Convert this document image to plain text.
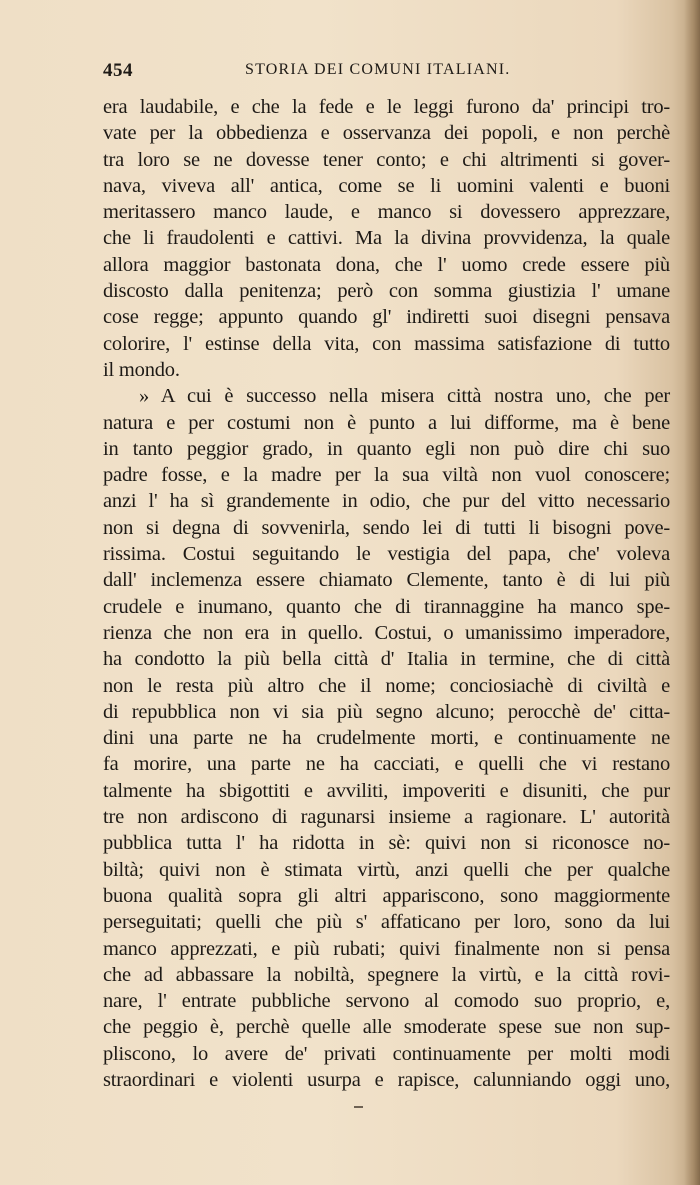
454	STORIA DEI COMUNI ITALIANI.
era laudabile, e che la fede e le leggi furono da' principi tro-
vate per la obbedienza e osservanza dei popoli, e non perchè
tra loro se ne dovesse tener conto; e chi altrimenti si gover-
nava, viveva all' antica, come se li uomini valenti e buoni
meritassero manco laude, e manco si dovessero apprezzare,
che li fraudolenti e cattivi. Ma la divina provvidenza, la quale
allora maggior bastonata dona, che l' uomo crede essere più
discosto dalla penitenza; però con somma giustizia l' umane
cose regge; appunto quando gl' indiretti suoi disegni pensava
colorire, l' estinse della vita, con massima satisfazione di tutto
il mondo.
» A cui è successo nella misera città nostra uno, che per
natura e per costumi non è punto a lui difforme, ma è bene
in tanto peggior grado, in quanto egli non può dire chi suo
padre fosse, e la madre per la sua viltà non vuol conoscere;
anzi l' ha sì grandemente in odio, che pur del vitto necessario
non si degna di sovvenirla, sendo lei di tutti li bisogni pove-
rissima. Costui seguitando le vestigia del papa, che' voleva
dall' inclemenza essere chiamato Clemente, tanto è di lui più
crudele e inumano, quanto che di tirannaggine ha manco spe-
rienza che non era in quello. Costui, o umanissimo imperadore,
ha condotto la più bella città d' Italia in termine, che di città
non le resta più altro che il nome; conciosiachè di civiltà e
di repubblica non vi sia più segno alcuno; perocchè de' citta-
dini una parte ne ha crudelmente morti, e continuamente ne
fa morire, una parte ne ha cacciati, e quelli che vi restano
talmente ha sbigottiti e avviliti, impoveriti e disuniti, che pur
tre non ardiscono di ragunarsi insieme a ragionare. L' autorità
pubblica tutta l' ha ridotta in sè: quivi non si riconosce no-
biltà; quivi non è stimata virtù, anzi quelli che per qualche
buona qualità sopra gli altri appariscono, sono maggiormente
perseguitati; quelli che più s' affaticano per loro, sono da lui
manco apprezzati, e più rubati; quivi finalmente non si pensa
che ad abbassare la nobiltà, spegnere la virtù, e la città rovi-
nare, l' entrate pubbliche servono al comodo suo proprio, e,
che peggio è, perchè quelle alle smoderate spese sue non sup-
pliscono, lo avere de' privati continuamente per molti modi
straordinari e violenti usurpa e rapisce, calunniando oggi uno,
